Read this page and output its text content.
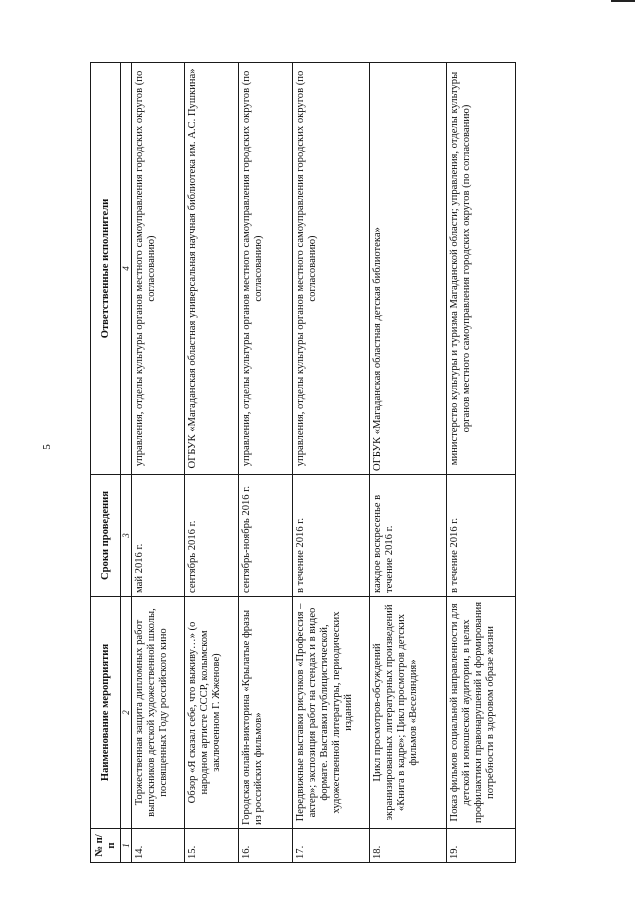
5
№ п/п	Наименование мероприятия	Сроки проведения	Ответственные исполнители
1	2	3	4
14.	Торжественная защита дипломных работ выпускников детской художественной школы, посвященных Году российского кино	май 2016 г.	управления, отделы культуры органов местного самоуправления городских округов (по согласованию)
15.	Обзор «Я сказал себе, что выживу…» (о народном артисте СССР, колымском заключенном Г. Жженове)	сентябрь 2016 г.	ОГБУК «Магаданская областная универсальная научная библиотека им. А.С. Пушкина»
16.	Городская онлайн-викторина «Крылатые фразы из российских фильмов»	сентябрь-ноябрь 2016 г.	управления, отделы культуры органов местного самоуправления городских округов (по согласованию)
17.	Передвижные выставки рисунков «Профессия – актер»; экспозиция работ на стендах и в видео формате. Выставки публицистической, художественной литературы, периодических изданий	в течение 2016 г.	управления, отделы культуры органов местного самоуправления городских округов (по согласованию)
18.	Цикл просмотров-обсуждений экранизированных литературных произведений «Книга в кадре»; Цикл просмотров детских фильмов «Веселяндия»	каждое воскресенье в течение 2016 г.	ОГБУК «Магаданская областная детская библиотека»
19.	Показ фильмов социальной направленности для детской и юношеской аудитории, в целях профилактики правонарушений и формирования потребности в здоровом образе жизни	в течение 2016 г.	министерство культуры и туризма Магаданской области; управления, отделы культуры органов местного самоуправления городских округов (по согласованию)
